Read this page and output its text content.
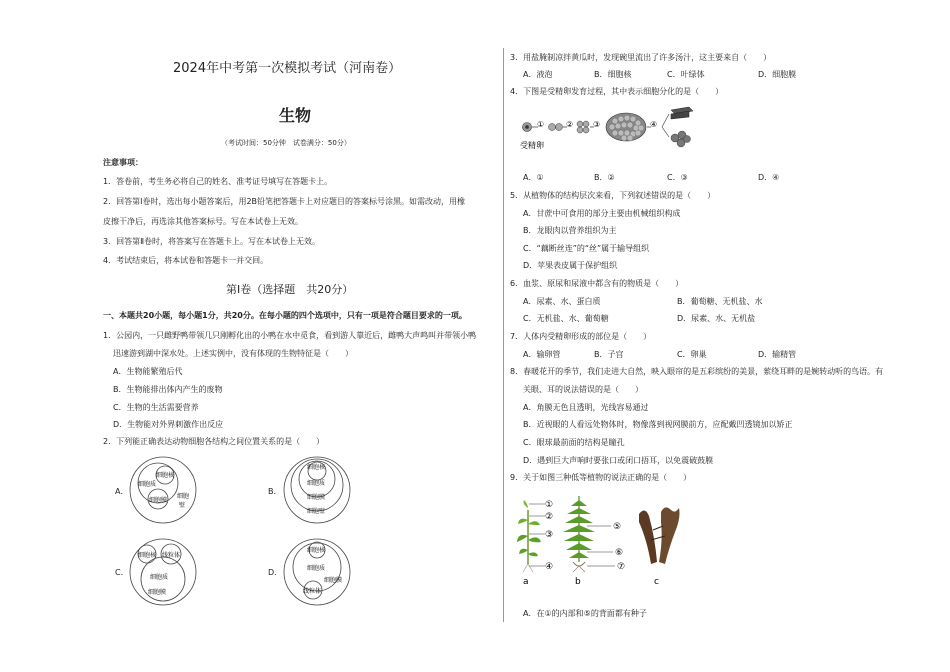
2024年中考第一次模拟考试（河南卷）
生物
（考试时间：50分钟　试卷满分：50分）
注意事项：
1．答卷前，考生务必将自己的姓名、准考证号填写在答题卡上。
2．回答第Ⅰ卷时，选出每小题答案后，用2B铅笔把答题卡上对应题目的答案标号涂黑。如需改动，用橡
皮擦干净后，再选涂其他答案标号。写在本试卷上无效。
3．回答第Ⅱ卷时，将答案写在答题卡上。写在本试卷上无效。
4．考试结束后，将本试卷和答题卡一并交回。
第Ⅰ卷（选择题　共20分）
一、本题共20小题，每小题1分，共20分。在每小题的四个选项中，只有一项是符合题目要求的一项。
1．公园内，一只雌野鸭带领几只刚孵化出的小鸭在水中觅食，看到游人靠近后，雌鸭大声鸣叫并带领小鸭
迅速游到湖中深水处。上述实例中，没有体现的生物特征是（　　）
A．生物能繁殖后代
B．生物能排出体内产生的废物
C．生物的生活需要营养
D．生物能对外界刺激作出反应
2．下列能正确表达动物细胞各结构之间位置关系的是（　　）
A．	B．
C．	D．
细胞核
细胞质
细胞膜
细胞
壁
细胞核
细胞质
细胞膜
细胞壁
细胞核 线粒体
细胞质
细胞膜
细胞核
细胞质
细胞膜
线粒体
3．用盐腌制凉拌黄瓜时，发现碗里流出了许多汤汁，这主要来自（　　）
A．液泡	B．细胞核	C．叶绿体	D．细胞膜
4．下图是受精卵发育过程，其中表示细胞分化的是（　　）
①	② ③	④
受精卵
A．①	B．②	C．③	D．④
5．从植物体的结构层次来看，下列叙述错误的是（　　）
A．甘蔗中可食用的部分主要由机械组织构成
B．龙眼肉以营养组织为主
C．“藕断丝连”的“丝”属于输导组织
D．苹果表皮属于保护组织
6．血浆、原尿和尿液中都含有的物质是（　　）
A．尿素、水、蛋白质	B．葡萄糖、无机盐、水
C．无机盐、水、葡萄糖	D．尿素、水、无机盐
7．人体内受精卵形成的部位是（　　）
A．输卵管	B．子宫	C．卵巢	D．输精管
8．春暖花开的季节，我们走进大自然，映入眼帘的是五彩缤纷的美景，萦绕耳畔的是婉转动听的鸟语。有
关眼、耳的说法错误的是（　　）
A．角膜无色且透明，光线容易通过
B．近视眼的人看远处物体时，物像落到视网膜前方，应配戴凹透镜加以矫正
C．眼球最前面的结构是瞳孔
D．遇到巨大声响时要张口或闭口捂耳，以免震破鼓膜
9．关于如图三种低等植物的说法正确的是（　　）
①
②
③
④
⑤
⑥
⑦
a	b	c
A．在①的内部和⑤的背面都有种子
